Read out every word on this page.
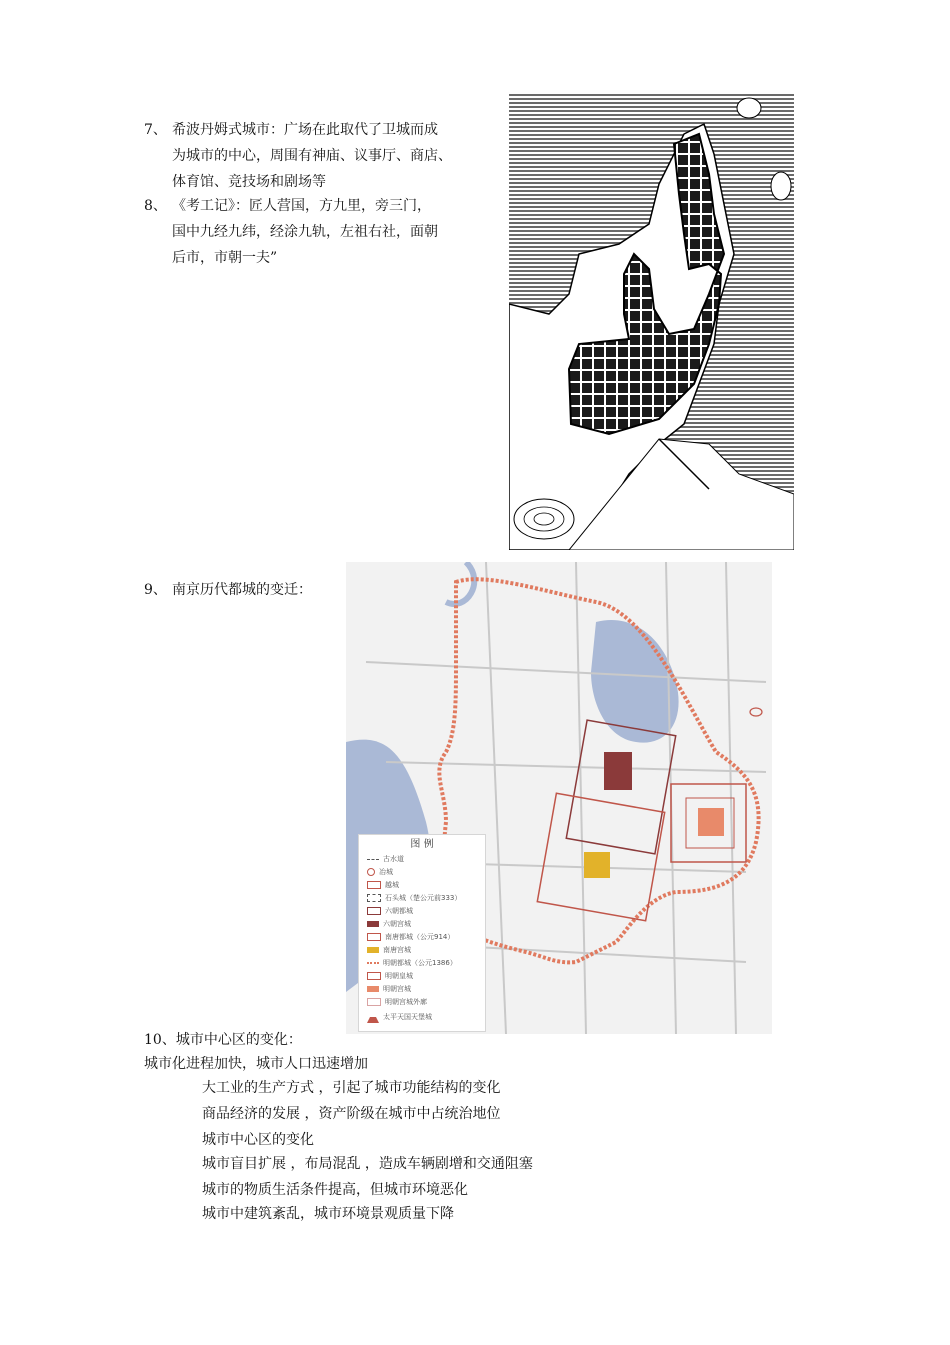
7、 希波丹姆式城市：广场在此取代了卫城而成
为城市的中心，周围有神庙、议事厅、商店、
体育馆、竞技场和剧场等
8、 《考工记》：匠人营国，方九里，旁三门，
国中九经九纬，经涂九轨，左祖右社，面朝
后市，市朝一夫”
9、 南京历代都城的变迁：
图 例
古水道
冶城
越城
石头城（楚公元前333）
六朝都城
六朝宫城
南唐都城（公元914）
南唐宫城
明朝都城（公元1386）
明朝皇城
明朝宫城
明朝宫城外廓
太平天国天堡城
10、城市中心区的变化：
城市化进程加快，城市人口迅速增加
大工业的生产方式 ，引起了城市功能结构的变化
商品经济的发展 ，资产阶级在城市中占统治地位
城市中心区的变化
城市盲目扩展 ，布局混乱 ，造成车辆剧增和交通阻塞
城市的物质生活条件提高，但城市环境恶化
城市中建筑紊乱，城市环境景观质量下降
